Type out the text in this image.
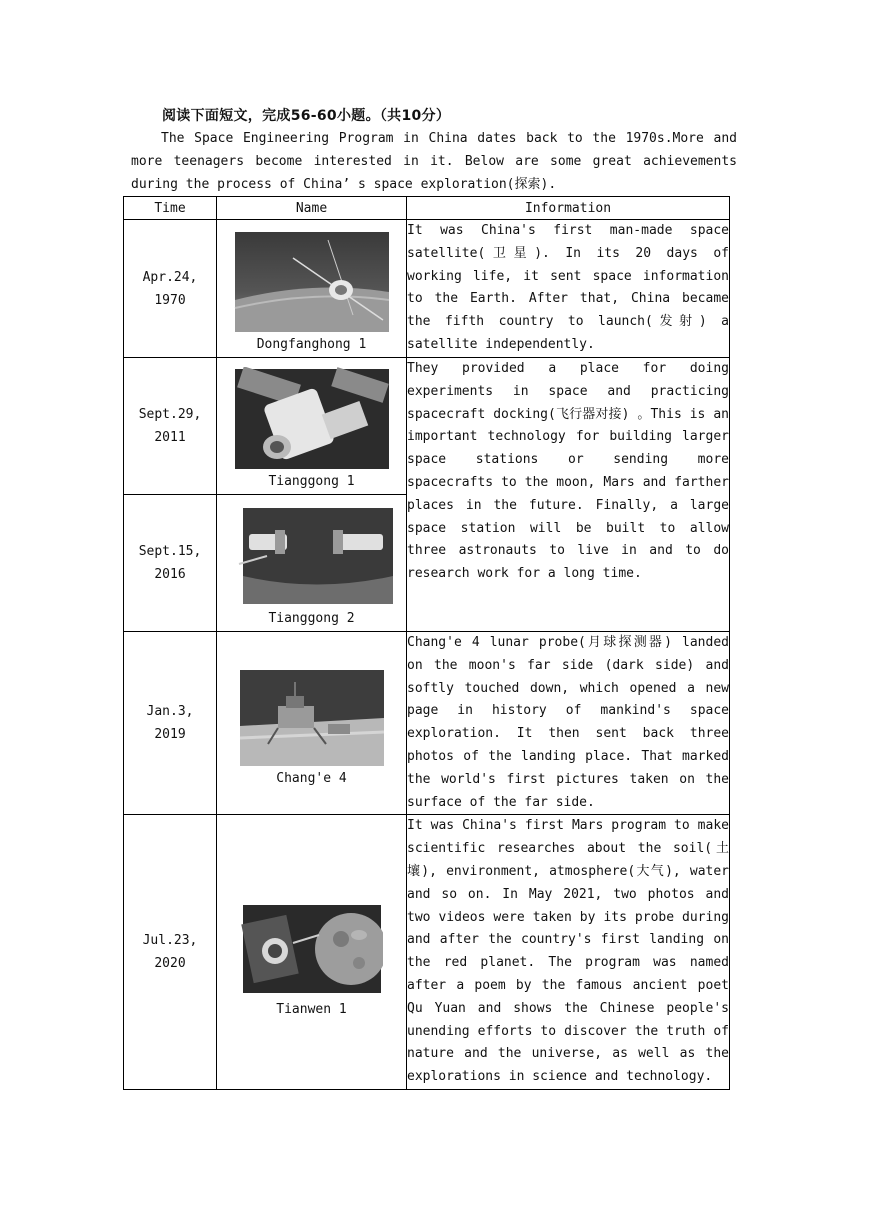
阅读下面短文，完成56-60小题。（共10分）
The Space Engineering Program in China dates back to the 1970s.More and more teenagers become interested in it. Below are some great achievements during the process of China’ s space exploration(探索).
Time	Name	Information
Apr.24,
1970	Dongfanghong 1	It was China's first man-made space satellite(卫星). In its 20 days of working life, it sent space information to the Earth. After that, China became the fifth country to launch(发射) a satellite independently.
Sept.29,
2011	Tianggong 1	They provided a place for doing experiments in space and practicing spacecraft docking(飞行器对接) 。This is an important technology for building larger space stations or sending more spacecrafts to the moon, Mars and farther places in the future. Finally, a large space station will be built to allow three astronauts to live in and to do research work for a long time.
Sept.15,
2016	Tianggong 2	

Jan.3,
2019	Chang'e 4	Chang'e 4 lunar probe(月球探测器) landed on the moon's far side (dark side) and softly touched down, which opened a new page in history of mankind's space exploration. It then sent back three photos of the landing place. That marked the world's first pictures taken on the surface of the far side.
Jul.23,
2020	Tianwen 1	It was China's first Mars program to make scientific researches about the soil(土壤), environment, atmosphere(大气), water and so on. In May 2021, two photos and two videos were taken by its probe during and after the country's first landing on the red planet. The program was named after a poem by the famous ancient poet Qu Yuan and shows the Chinese people's unending efforts to discover the truth of nature and the universe, as well as the explorations in science and technology.
